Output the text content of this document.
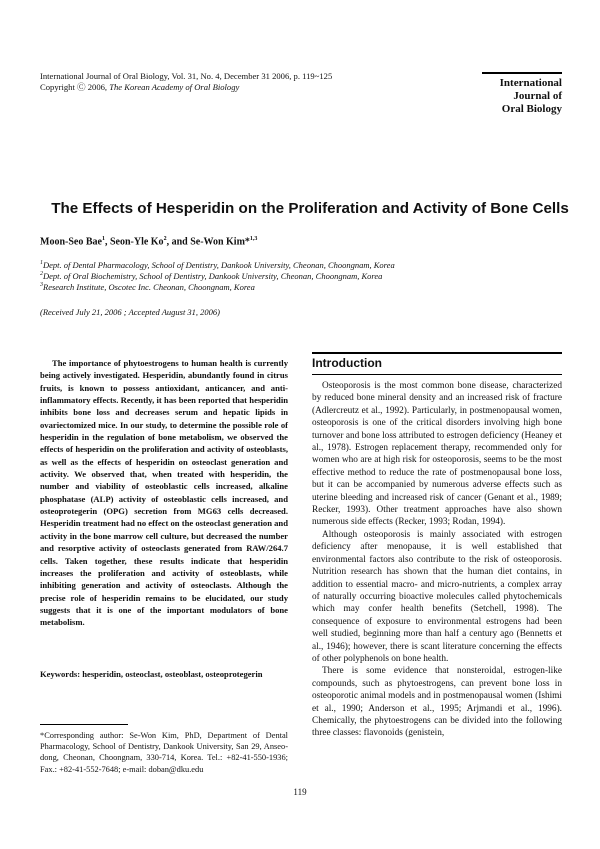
International Journal of Oral Biology, Vol. 31, No. 4, December 31 2006, p. 119~125
Copyright Ⓒ 2006, The Korean Academy of Oral Biology	International
Journal of
Oral Biology
The Effects of Hesperidin on the Proliferation and Activity of Bone Cells
Moon-Seo Bae$^1$, Seon-Yle Ko$^2$, and Se-Won Kim*$^{1,3}$
$^1$Dept. of Dental Pharmacology, School of Dentistry, Dankook University, Cheonan, Choongnam, Korea
$^2$Dept. of Oral Biochemistry, School of Dentistry, Dankook University, Cheonan, Choongnam, Korea
$^3$Research Institute, Oscotec Inc. Cheonan, Choongnam, Korea
(Received July 21, 2006 ; Accepted August 31, 2006)
The importance of phytoestrogens to human health is currently being actively investigated. Hesperidin, abundantly found in citrus fruits, is known to possess antioxidant, anticancer, and anti-inflammatory effects. Recently, it has been reported that hesperidin inhibits bone loss and decreases serum and hepatic lipids in ovariectomized mice. In our study, to determine the possible role of hesperidin in the regulation of bone metabolism, we observed the effects of hesperidin on the proliferation and activity of osteoblasts, as well as the effects of hesperidin on osteoclast generation and activity. We observed that, when treated with hesperidin, the number and viability of osteoblastic cells increased, alkaline phosphatase (ALP) activity of osteoblastic cells increased, and osteoprotegerin (OPG) secretion from MG63 cells decreased. Hesperidin treatment had no effect on the osteoclast generation and activity in the bone marrow cell culture, but decreased the number and resorptive activity of osteoclasts generated from RAW/264.7 cells. Taken together, these results indicate that hesperidin increases the proliferation and activity of osteoblasts, while inhibiting generation and activity of osteoclasts. Although the precise role of hesperidin remains to be elucidated, our study suggests that it is one of the important modulators of bone metabolism.
Keywords: hesperidin, osteoclast, osteoblast, osteoprotegerin
*Corresponding author: Se-Won Kim, PhD, Department of Dental Pharmacology, School of Dentistry, Dankook University, San 29, Anseo-dong, Cheonan, Choongnam, 330-714, Korea. Tel.: +82-41-550-1936; Fax.: +82-41-552-7648; e-mail: doban@dku.edu
Introduction

Osteoporosis is the most common bone disease, characterized by reduced bone mineral density and an increased risk of fracture (Adlercreutz et al., 1992). Particularly, in postmenopausal women, osteoporosis is one of the critical disorders involving high bone turnover and bone loss attributed to estrogen deficiency (Heaney et al., 1978). Estrogen replacement therapy, recommended only for women who are at high risk for osteoporosis, seems to be the most effective method to reduce the rate of postmenopausal bone loss, but it can be accompanied by numerous adverse effects such as uterine bleeding and increased risk of cancer (Genant et al., 1989; Recker, 1993). Other treatment approaches have also shown numerous side effects (Recker, 1993; Rodan, 1994).

Although osteoporosis is mainly associated with estrogen deficiency after menopause, it is well established that environmental factors also contribute to the risk of osteoporosis. Nutrition research has shown that the human diet contains, in addition to essential macro- and micro-nutrients, a complex array of naturally occurring bioactive molecules called phytochemicals which may confer health benefits (Setchell, 1998). The consequence of exposure to environmental estrogens had been well studied, beginning more than half a century ago (Bennetts et al., 1946); however, there is scant literature concerning the effects of other polyphenols on bone health.

There is some evidence that nonsteroidal, estrogen-like compounds, such as phytoestrogens, can prevent bone loss in osteoporotic animal models and in postmenopausal women (Ishimi et al., 1990; Anderson et al., 1995; Arjmandi et al., 1996). Chemically, the phytoestrogens can be divided into the following three classes: flavonoids (genistein,

119
